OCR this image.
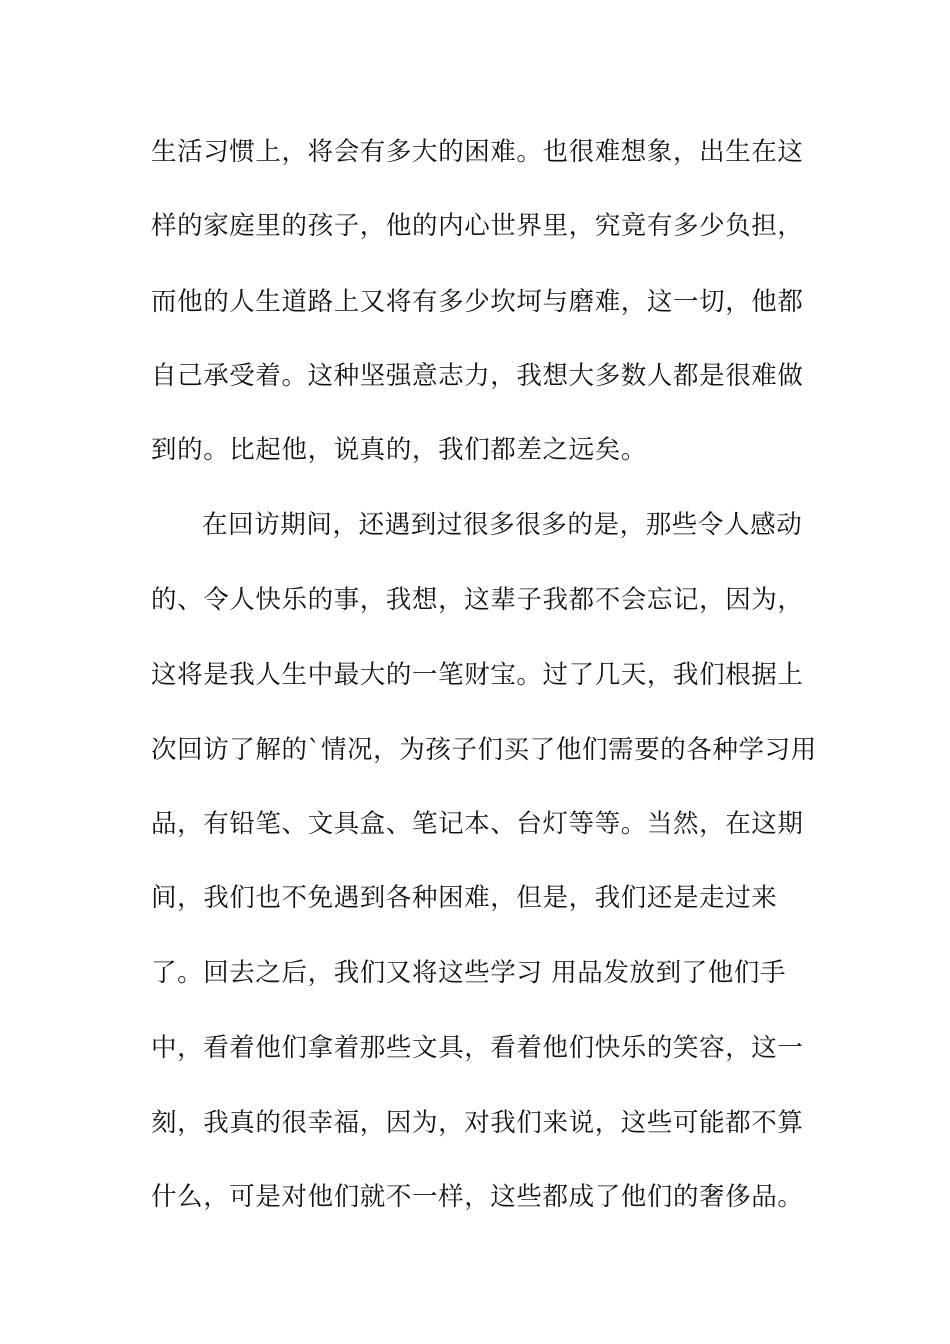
生活习惯上，将会有多大的困难。也很难想象，出生在这
样的家庭里的孩子，他的内心世界里，究竟有多少负担，
而他的人生道路上又将有多少坎坷与磨难，这一切，他都
自己承受着。这种坚强意志力，我想大多数人都是很难做
到的。比起他，说真的，我们都差之远矣。
在回访期间，还遇到过很多很多的是，那些令人感动
的、令人快乐的事，我想，这辈子我都不会忘记，因为，
这将是我人生中最大的一笔财宝。过了几天，我们根据上
次回访了解的`情况，为孩子们买了他们需要的各种学习用
品，有铅笔、文具盒、笔记本、台灯等等。当然，在这期
间，我们也不免遇到各种困难，但是，我们还是走过来
了。回去之后，我们又将这些学习 用品发放到了他们手
中，看着他们拿着那些文具，看着他们快乐的笑容，这一
刻，我真的很幸福，因为，对我们来说，这些可能都不算
什么，可是对他们就不一样，这些都成了他们的奢侈品。
